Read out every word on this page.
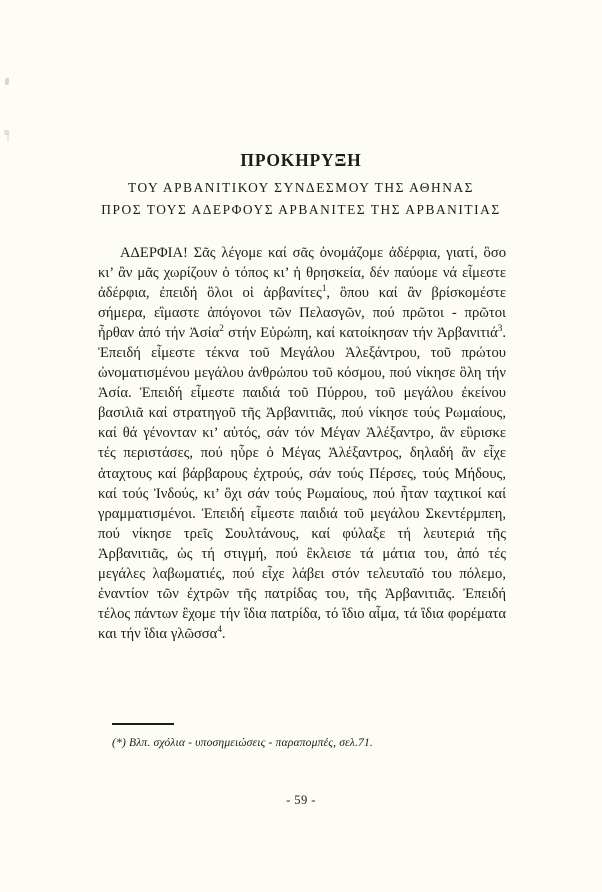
ΠΡΟΚΗΡΥΞΗ
ΤΟΥ ΑΡΒΑΝΙΤΙΚΟΥ ΣΥΝΔΕΣΜΟΥ ΤΗΣ ΑΘΗΝΑΣ
ΠΡΟΣ ΤΟΥΣ ΑΔΕΡΦΟΥΣ ΑΡΒΑΝΙΤΕΣ ΤΗΣ ΑΡΒΑΝΙΤΙΑΣ

ΑΔΕΡΦΙΑ! Σᾶς λέγομε καί σᾶς ὀνομάζομε ἀδέρφια, γιατί, ὃσο κι’ ἂν μᾶς χωρίζουν ὁ τόπος κι’ ἡ θρησκεία, δέν παύομε νά εἶμεστε ἀδέρφια, ἐπειδή ὃλοι οἱ ἀρβανίτες$^1$, ὃπου καί ἂν βρίσκομέστε σήμερα, εἲμαστε ἀπόγονοι τῶν Πελασγῶν, πού πρῶτοι - πρῶτοι ἦρθαν ἀπό τήν Ἀσία$^2$ στήν Εὐρώπη, καί κατοίκησαν τήν Ἀρβανιτιά$^3$. Ἐπειδή εἶμεστε τέκνα τοῦ Μεγάλου Ἀλεξάντρου, τοῦ πρώτου ὠνοματισμένου μεγάλου ἀνθρώπου τοῦ κόσμου, πού νίκησε ὃλη τήν Ἀσία. Ἐπειδή εἶμεστε παιδιά τοῦ Πύρρου, τοῦ μεγάλου ἐκείνου βασιλιᾶ καί στρατηγοῦ τῆς Ἀρβανιτιᾶς, πού νίκησε τούς Ρωμαίους, καί θά γένονταν κι’ αὐτός, σάν τόν Μέγαν Ἀλέξαντρο, ἂν εὓρισκε τές περιστάσες, πού ηὗρε ὁ Μέγας Ἀλέξαντρος, δηλαδή ἂν εἶχε ἀταχτους καί βάρβαρους ἐχτρούς, σάν τούς Πέρσες, τούς Μήδους, καί τούς Ἰνδούς, κι’ ὂχι σάν τούς Ρωμαίους, πού ἦταν ταχτικοί καί γραμματισμένοι. Ἐπειδή εἶμεστε παιδιά τοῦ μεγάλου Σκεντέρμπεη, πού νίκησε τρεῖς Σουλτάνους, καί φύλαξε τή λευτεριά τῆς Ἀρβανιτιᾶς, ὡς τή στιγμή, πού ἒκλεισε τά μάτια του, ἀπό τές μεγάλες λαβωματιές, πού εἶχε λάβει στόν τελευταῖό του πόλεμο, ἐναντίον τῶν ἐχτρῶν τῆς πατρίδας του, τῆς Ἀρβανιτιᾶς. Ἐπειδή τέλος πάντων ἒχομε τήν ἲδια πατρίδα, τό ἲδιο αἶμα, τά ἲδια φορέματα και τήν ἲδια γλῶσσα$^4$.

(*) Βλπ. σχόλια - υποσημειώσεις - παραπομπές, σελ.71.
- 59 -
